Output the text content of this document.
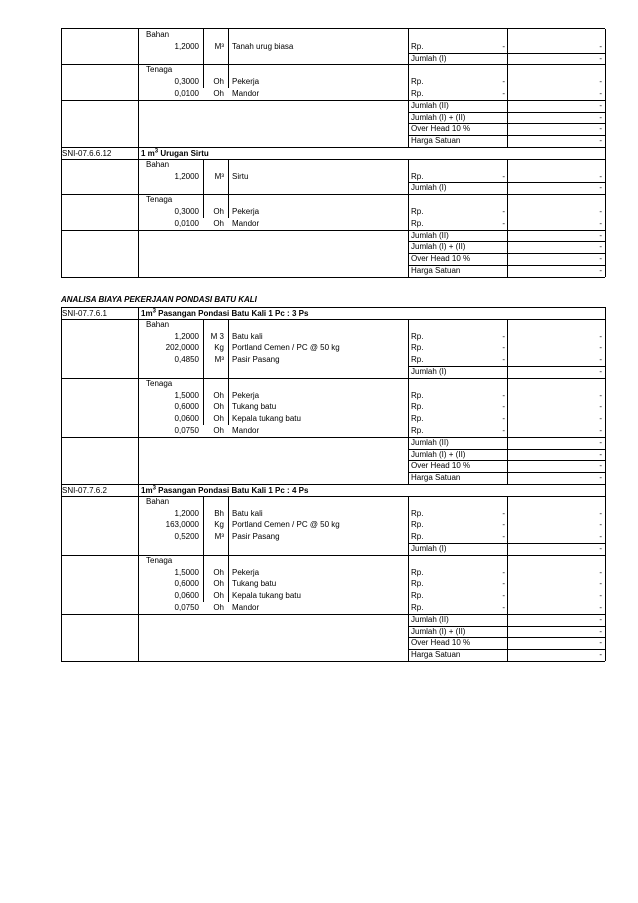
Bahan
1,2000	M³ Tanah urug biasa	Rp.	-	-
Jumlah (I)	-
Tenaga
0,3000	Oh Pekerja	Rp.	-	-
0,0100	Oh Mandor	Rp.	-	-
Jumlah (II)	-
Jumlah (I) + (II)	-
Over Head 10 %	-
Harga Satuan	-
SNI-07.6.6.12	1 $m^3$ Urugan Sirtu
Bahan
1,2000	M³ Sirtu	Rp.	-	-
Jumlah (I)	-
Tenaga
0,3000	Oh Pekerja	Rp.	-	-
0,0100	Oh Mandor	Rp.	-	-
Jumlah (II)	-
Jumlah (I) + (II)	-
Over Head 10 %	-
Harga Satuan	-
ANALISA BIAYA PEKERJAAN PONDASI BATU KALI
SNI-07.7.6.1	$1m^3$ Pasangan Pondasi Batu Kali 1 Pc : 3 Ps
Bahan
1,2000	M 3 Batu kali	Rp.	-	-
202,0000	Kg Portland Cemen / PC @ 50 kg	Rp.	-	-
0,4850	M³ Pasir Pasang	Rp.	-	-
Jumlah (I)	-
Tenaga
1,5000	Oh Pekerja	Rp.	-	-
0,6000	Oh Tukang batu	Rp.	-	-
0,0600	Oh Kepala tukang batu	Rp.	-	-
0,0750	Oh Mandor	Rp.	-	-
Jumlah (II)	-
Jumlah (I) + (II)	-
Over Head 10 %	-
Harga Satuan	-
SNI-07.7.6.2	$1m^3$ Pasangan Pondasi Batu Kali 1 Pc : 4 Ps
Bahan
1,2000	Bh Batu kali	Rp.	-	-
163,0000	Kg Portland Cemen / PC @ 50 kg	Rp.	-	-
0,5200	M³ Pasir Pasang	Rp.	-	-
Jumlah (I)	-
Tenaga
1,5000	Oh Pekerja	Rp.	-	-
0,6000	Oh Tukang batu	Rp.	-	-
0,0600	Oh Kepala tukang batu	Rp.	-	-
0,0750	Oh Mandor	Rp.	-	-
Jumlah (II)	-
Jumlah (I) + (II)	-
Over Head 10 %	-
Harga Satuan	-
